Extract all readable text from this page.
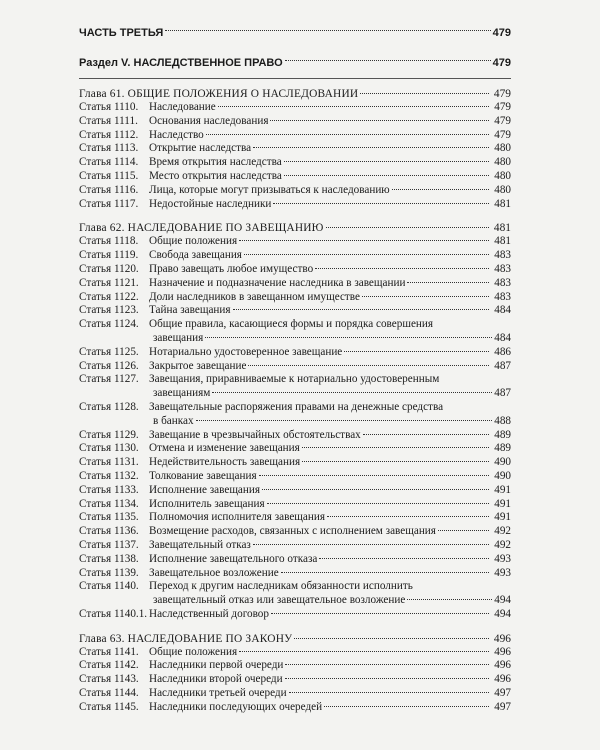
ЧАСТЬ ТРЕТЬЯ	479
Раздел V. НАСЛЕДСТВЕННОЕ ПРАВО	479
Глава 61. ОБЩИЕ ПОЛОЖЕНИЯ О НАСЛЕДОВАНИИ	479
Статья 1110. Наследование	479
Статья 1111. Основания наследования	479
Статья 1112. Наследство	479
Статья 1113. Открытие наследства	480
Статья 1114. Время открытия наследства	480
Статья 1115. Место открытия наследства	480
Статья 1116. Лица, которые могут призываться к наследованию	480
Статья 1117. Недостойные наследники	481
Глава 62. НАСЛЕДОВАНИЕ ПО ЗАВЕЩАНИЮ	481
Статья 1118. Общие положения	481
Статья 1119. Свобода завещания	483
Статья 1120. Право завещать любое имущество	483
Статья 1121. Назначение и подназначение наследника в завещании	483
Статья 1122. Доли наследников в завещанном имуществе	483
Статья 1123. Тайна завещания	484
Статья 1124. Общие правила, касающиеся формы и порядка совершения
завещания	484
Статья 1125. Нотариально удостоверенное завещание	486
Статья 1126. Закрытое завещание	487
Статья 1127. Завещания, приравниваемые к нотариально удостоверенным
завещаниям	487
Статья 1128. Завещательные распоряжения правами на денежные средства
в банках	488
Статья 1129. Завещание в чрезвычайных обстоятельствах	489
Статья 1130. Отмена и изменение завещания	489
Статья 1131. Недействительность завещания	490
Статья 1132. Толкование завещания	490
Статья 1133. Исполнение завещания	491
Статья 1134. Исполнитель завещания	491
Статья 1135. Полномочия исполнителя завещания	491
Статья 1136. Возмещение расходов, связанных с исполнением завещания	492
Статья 1137. Завещательный отказ	492
Статья 1138. Исполнение завещательного отказа	493
Статья 1139. Завещательное возложение	493
Статья 1140. Переход к другим наследникам обязанности исполнить
завещательный отказ или завещательное возложение	494
Статья 1140.1. Наследственный договор	494
Глава 63. НАСЛЕДОВАНИЕ ПО ЗАКОНУ	496
Статья 1141. Общие положения	496
Статья 1142. Наследники первой очереди	496
Статья 1143. Наследники второй очереди	496
Статья 1144. Наследники третьей очереди	497
Статья 1145. Наследники последующих очередей	497
